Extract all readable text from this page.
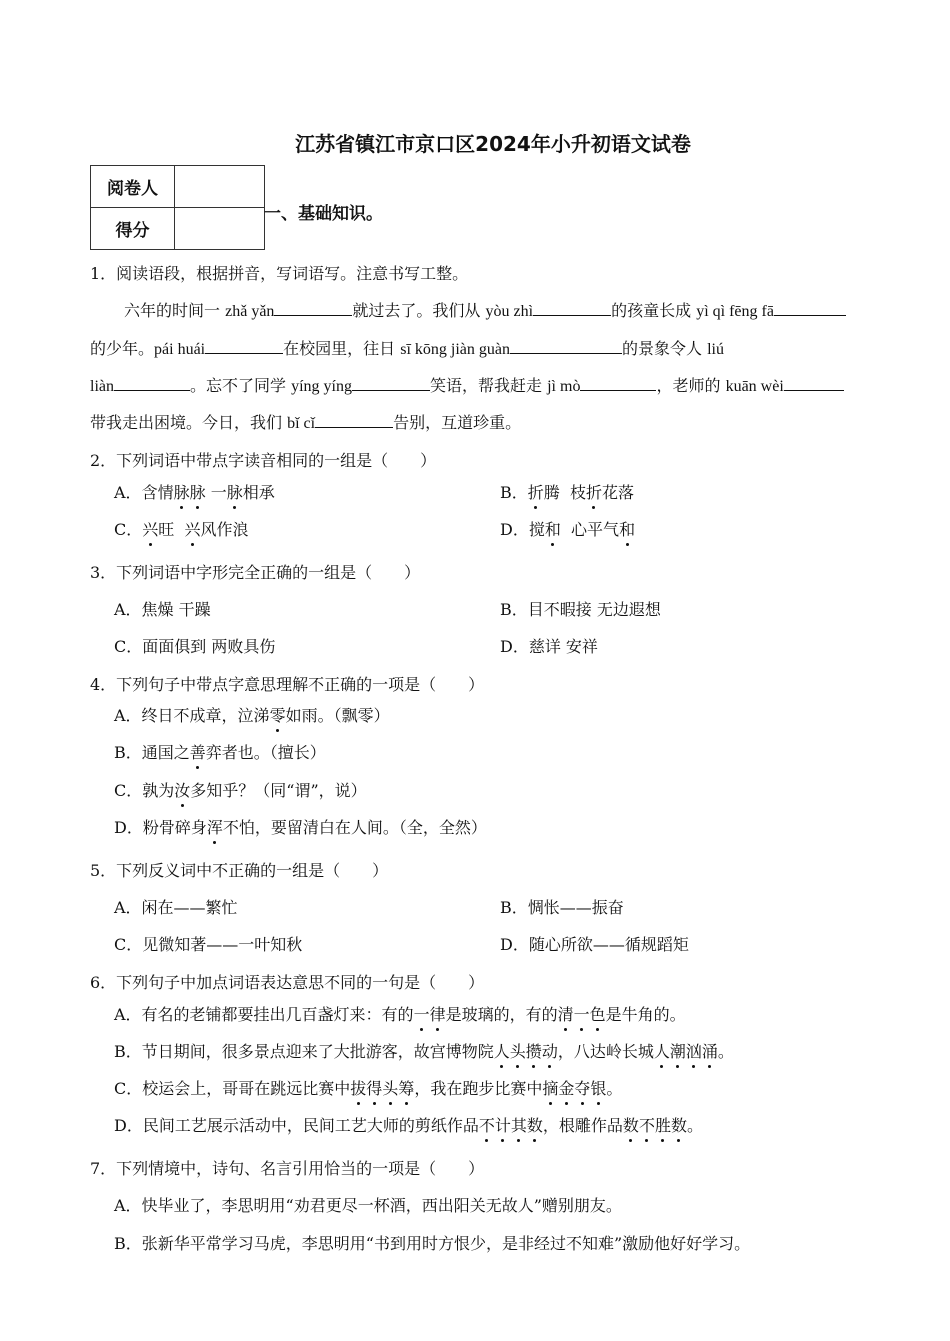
江苏省镇江市京口区2024年小升初语文试卷
阅卷人	
得分	
一、基础知识。
1．阅读语段，根据拼音，写词语写。注意书写工整。
六年的时间一 zhǎ yǎn	就过去了。我们从 yòu zhì	的孩童长成 yì qì fēng fā
的少年。pái huái	在校园里，往日 sī kōng jiàn guàn	的景象令人 liú
liàn	。忘不了同学 yíng yíng	笑语，帮我赶走 jì mò	，老师的 kuān wèi
带我走出困境。今日，我们 bǐ cǐ	告别，互道珍重。
2．下列词语中带点字读音相同的一组是（　　）
A．含情脉脉 一脉相承	B．折腾  枝折花落
C．兴旺  兴风作浪	D．搅和  心平气和
3．下列词语中字形完全正确的一组是（　　）
A．焦燥 干躁	B．目不暇接 无边遐想
C．面面俱到 两败具伤	D．慈详 安祥
4．下列句子中带点字意思理解不正确的一项是（　　）
A．终日不成章，泣涕零如雨。（飘零）
B．通国之善弈者也。（擅长）
C．孰为汝多知乎？（同“谓”，说）
D．粉骨碎身浑不怕，要留清白在人间。（全，全然）
5．下列反义词中不正确的一组是（　　）
A．闲在——繁忙	B．惆怅——振奋
C．见微知著——一叶知秋	D．随心所欲——循规蹈矩
6．下列句子中加点词语表达意思不同的一句是（　　）
A．有名的老铺都要挂出几百盏灯来：有的一律是玻璃的，有的清一色是牛角的。
B．节日期间，很多景点迎来了大批游客，故宫博物院人头攒动，八达岭长城人潮汹涌。
C．校运会上，哥哥在跳远比赛中拔得头筹，我在跑步比赛中摘金夺银。
D．民间工艺展示活动中，民间工艺大师的剪纸作品不计其数，根雕作品数不胜数。
7．下列情境中，诗句、名言引用恰当的一项是（　　）
A．快毕业了，李思明用“劝君更尽一杯酒，西出阳关无故人”赠别朋友。
B．张新华平常学习马虎，李思明用“书到用时方恨少，是非经过不知难”激励他好好学习。
